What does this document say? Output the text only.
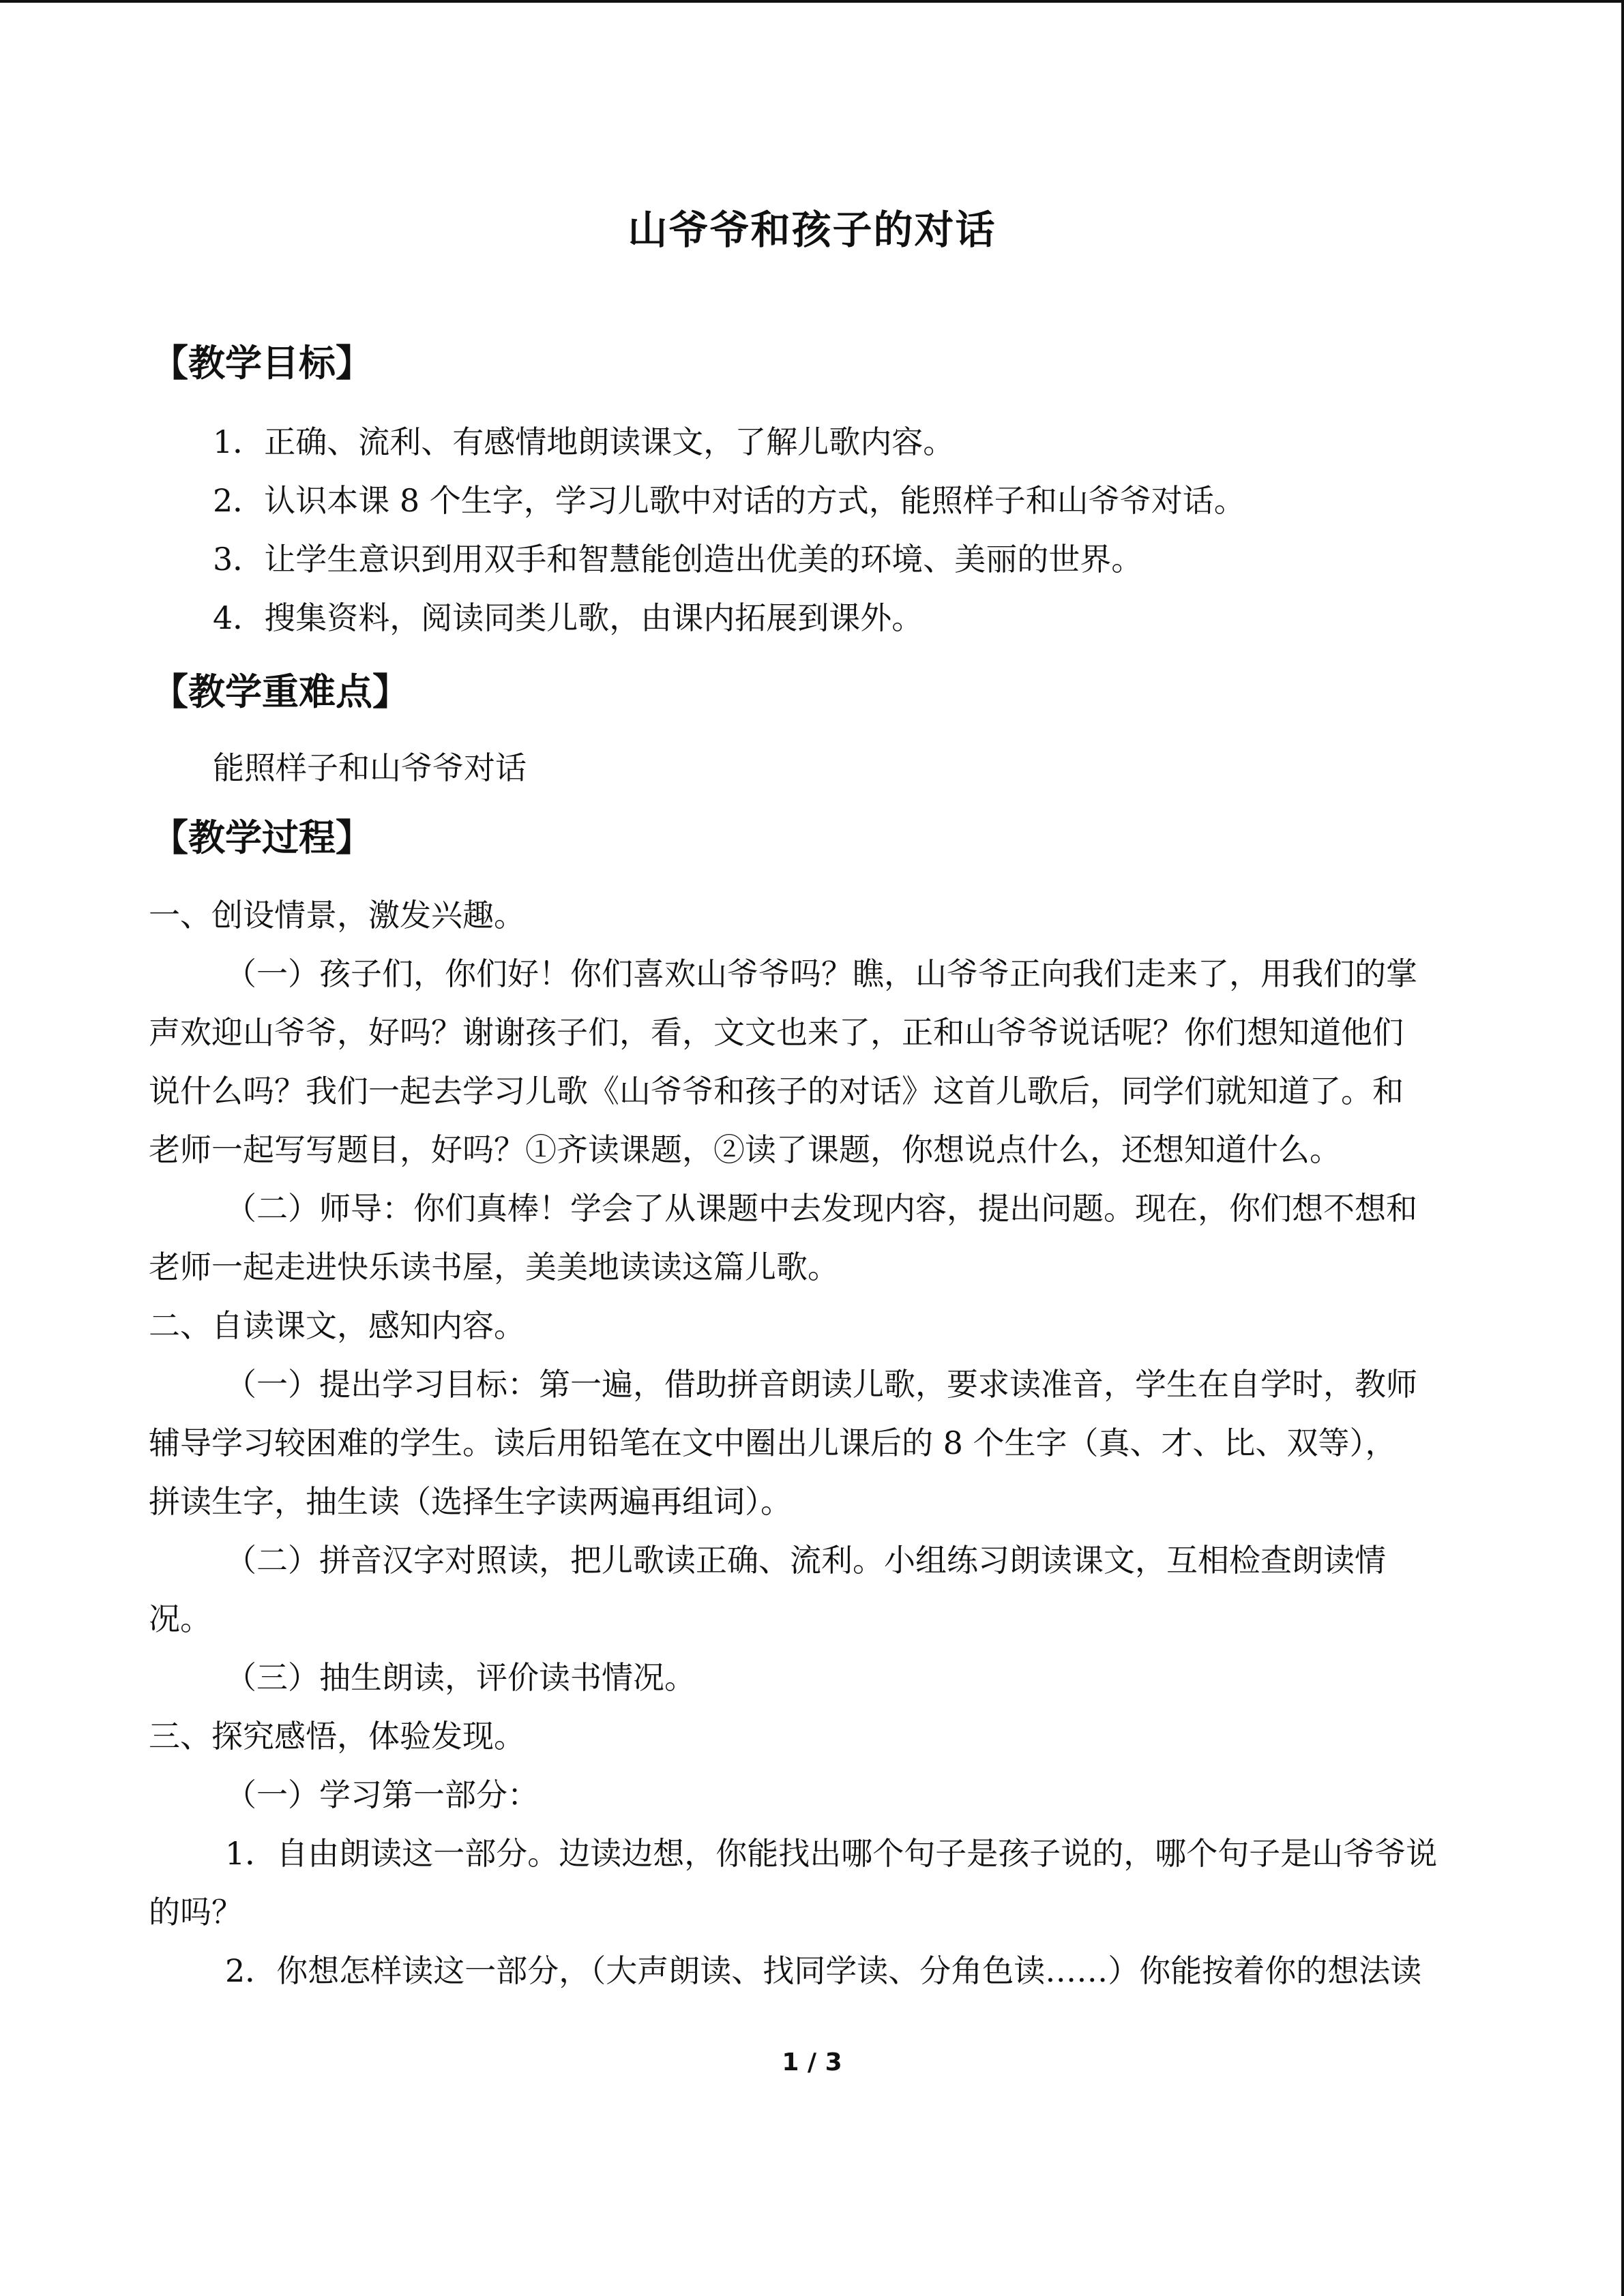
山爷爷和孩子的对话
【教学目标】
1．正确、流利、有感情地朗读课文，了解儿歌内容。
2．认识本课 8 个生字，学习儿歌中对话的方式，能照样子和山爷爷对话。
3．让学生意识到用双手和智慧能创造出优美的环境、美丽的世界。
4．搜集资料，阅读同类儿歌，由课内拓展到课外。
【教学重难点】
能照样子和山爷爷对话
【教学过程】
一、创设情景，激发兴趣。
（一）孩子们，你们好！你们喜欢山爷爷吗？瞧，山爷爷正向我们走来了，用我们的掌
声欢迎山爷爷，好吗？谢谢孩子们，看，文文也来了，正和山爷爷说话呢？你们想知道他们
说什么吗？我们一起去学习儿歌《山爷爷和孩子的对话》这首儿歌后，同学们就知道了。和
老师一起写写题目，好吗？①齐读课题，②读了课题，你想说点什么，还想知道什么。
（二）师导：你们真棒！学会了从课题中去发现内容，提出问题。现在，你们想不想和
老师一起走进快乐读书屋，美美地读读这篇儿歌。
二、自读课文，感知内容。
（一）提出学习目标：第一遍，借助拼音朗读儿歌，要求读准音，学生在自学时，教师
辅导学习较困难的学生。读后用铅笔在文中圈出儿课后的 8 个生字（真、才、比、双等），
拼读生字，抽生读（选择生字读两遍再组词）。
（二）拼音汉字对照读，把儿歌读正确、流利。小组练习朗读课文，互相检查朗读情
况。
（三）抽生朗读，评价读书情况。
三、探究感悟，体验发现。
（一）学习第一部分：
1．自由朗读这一部分。边读边想，你能找出哪个句子是孩子说的，哪个句子是山爷爷说
的吗？
2．你想怎样读这一部分，（大声朗读、找同学读、分角色读……）你能按着你的想法读
1 / 3
